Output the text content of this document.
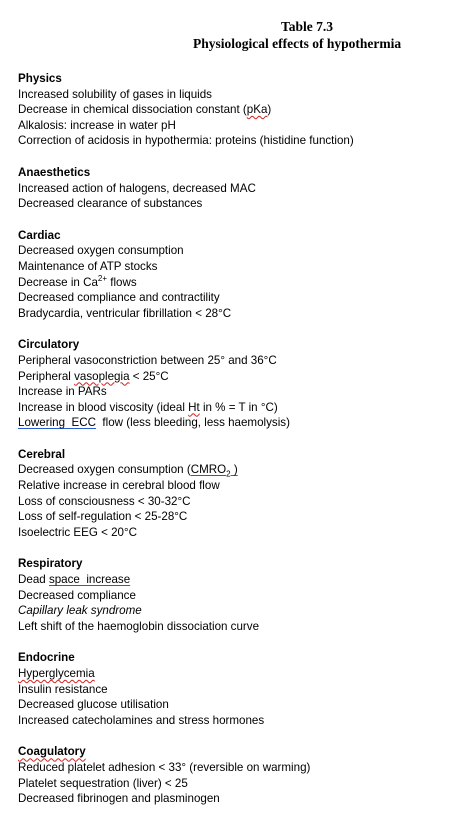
Table 7.3
Physiological effects of hypothermia
Physics
Increased solubility of gases in liquids
Decrease in chemical dissociation constant (pKa)
Alkalosis: increase in water pH
Correction of acidosis in hypothermia: proteins (histidine function)
Anaesthetics
Increased action of halogens, decreased MAC
Decreased clearance of substances
Cardiac
Decreased oxygen consumption
Maintenance of ATP stocks
Decrease in $Ca^{2+}$ flows
Decreased compliance and contractility
Bradycardia, ventricular fibrillation < 28°C
Circulatory
Peripheral vasoconstriction between 25° and 36°C
Peripheral vasoplegia < 25°C
Increase in PARs
Increase in blood viscosity (ideal Ht in % = T in °C)
Lowering  ECC  flow (less bleeding, less haemolysis)
Cerebral
Decreased oxygen consumption ($CMRO_2$ )
Relative increase in cerebral blood flow
Loss of consciousness < 30-32°C
Loss of self-regulation < 25-28°C
Isoelectric EEG < 20°C
Respiratory
Dead space  increase
Decreased compliance
Capillary leak syndrome
Left shift of the haemoglobin dissociation curve
Endocrine
Hyperglycemia
Insulin resistance
Decreased glucose utilisation
Increased catecholamines and stress hormones
Coagulatory
Reduced platelet adhesion < 33° (reversible on warming)
Platelet sequestration (liver) < 25
Decreased fibrinogen and plasminogen
